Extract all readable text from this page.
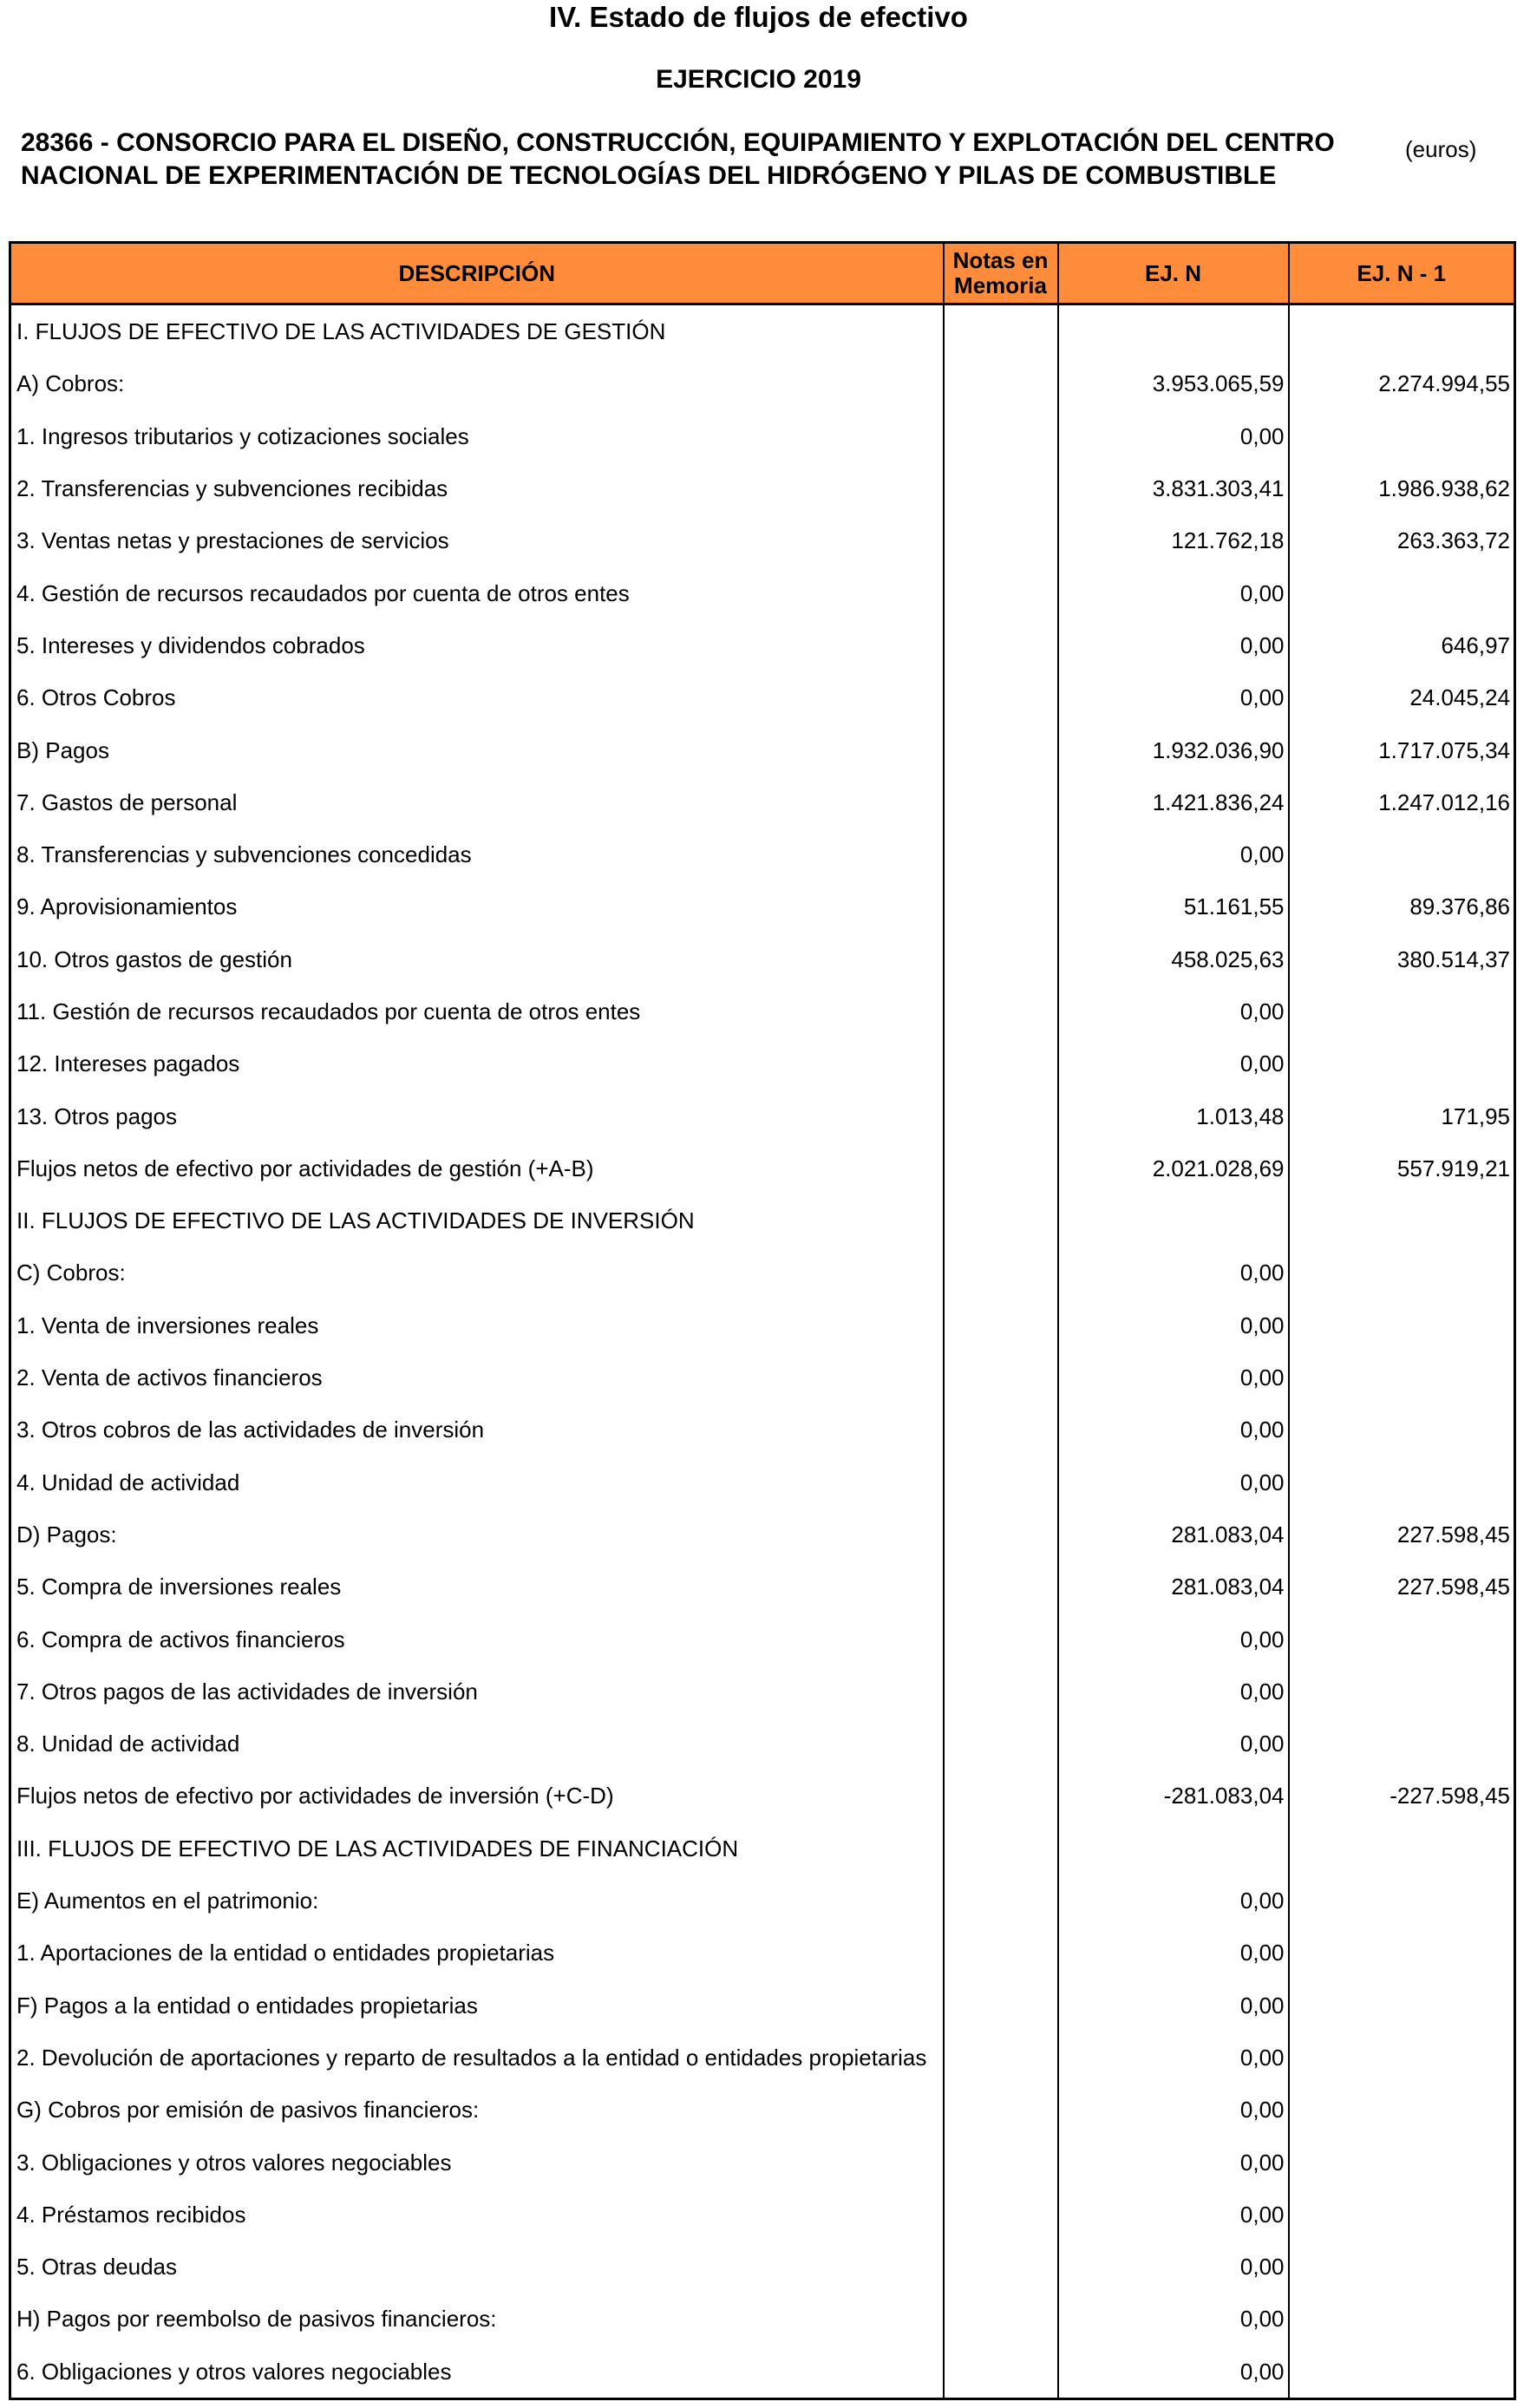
IV. Estado de flujos de efectivo
EJERCICIO 2019
28366 - CONSORCIO PARA EL DISEÑO, CONSTRUCCIÓN, EQUIPAMIENTO Y EXPLOTACIÓN DEL CENTRO NACIONAL DE EXPERIMENTACIÓN DE TECNOLOGÍAS DEL HIDRÓGENO Y PILAS DE COMBUSTIBLE
(euros)
DESCRIPCIÓN	Notas en Memoria	EJ. N	EJ. N - 1
I. FLUJOS DE EFECTIVO DE LAS ACTIVIDADES DE GESTIÓN			
A) Cobros:		3.953.065,59	2.274.994,55
1. Ingresos tributarios y cotizaciones sociales		0,00	
2. Transferencias y subvenciones recibidas		3.831.303,41	1.986.938,62
3. Ventas netas y prestaciones de servicios		121.762,18	263.363,72
4. Gestión de recursos recaudados por cuenta de otros entes		0,00	
5. Intereses y dividendos cobrados		0,00	646,97
6. Otros Cobros		0,00	24.045,24
B) Pagos		1.932.036,90	1.717.075,34
7. Gastos de personal		1.421.836,24	1.247.012,16
8. Transferencias y subvenciones concedidas		0,00	
9. Aprovisionamientos		51.161,55	89.376,86
10. Otros gastos de gestión		458.025,63	380.514,37
11. Gestión de recursos recaudados por cuenta de otros entes		0,00	
12. Intereses pagados		0,00	
13. Otros pagos		1.013,48	171,95
Flujos netos de efectivo por actividades de gestión (+A-B)		2.021.028,69	557.919,21
II. FLUJOS DE EFECTIVO DE LAS ACTIVIDADES DE INVERSIÓN			
C) Cobros:		0,00	
1. Venta de inversiones reales		0,00	
2. Venta de activos financieros		0,00	
3. Otros cobros de las actividades de inversión		0,00	
4. Unidad de actividad		0,00	
D) Pagos:		281.083,04	227.598,45
5. Compra de inversiones reales		281.083,04	227.598,45
6. Compra de activos financieros		0,00	
7. Otros pagos de las actividades de inversión		0,00	
8. Unidad de actividad		0,00	
Flujos netos de efectivo por actividades de inversión (+C-D)		-281.083,04	-227.598,45
III. FLUJOS DE EFECTIVO DE LAS ACTIVIDADES DE FINANCIACIÓN			
E) Aumentos en el patrimonio:		0,00	
1. Aportaciones de la entidad o entidades propietarias		0,00	
F) Pagos a la entidad o entidades propietarias		0,00	
2. Devolución de aportaciones y reparto de resultados a la entidad o entidades propietarias		0,00	
G) Cobros por emisión de pasivos financieros:		0,00	
3. Obligaciones y otros valores negociables		0,00	
4. Préstamos recibidos		0,00	
5. Otras deudas		0,00	
H) Pagos por reembolso de pasivos financieros:		0,00	
6. Obligaciones y otros valores negociables		0,00	
